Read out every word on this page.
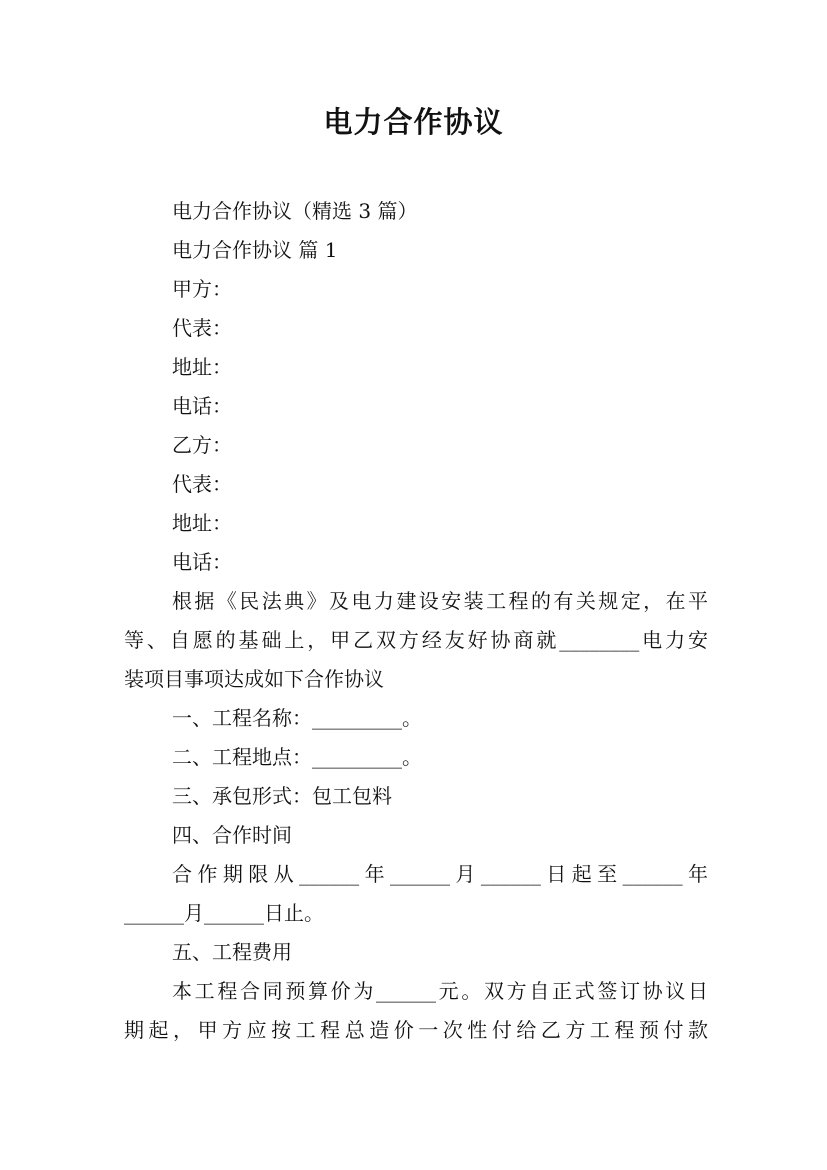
电力合作协议
电力合作协议（精选 3 篇）
电力合作协议 篇 1
甲方：
代表：
地址：
电话：
乙方：
代表：
地址：
电话：
根据《民法典》及电力建设安装工程的有关规定，在平
等、自愿的基础上，甲乙双方经友好协商就________电力安
装项目事项达成如下合作协议
一、工程名称：_________。
二、工程地点：_________。
三、承包形式：包工包料
四、合作时间
合作期限从______年______月______日起至______年
______月______日止。
五、工程费用
本工程合同预算价为______元。双方自正式签订协议日
期起，甲方应按工程总造价一次性付给乙方工程预付款
